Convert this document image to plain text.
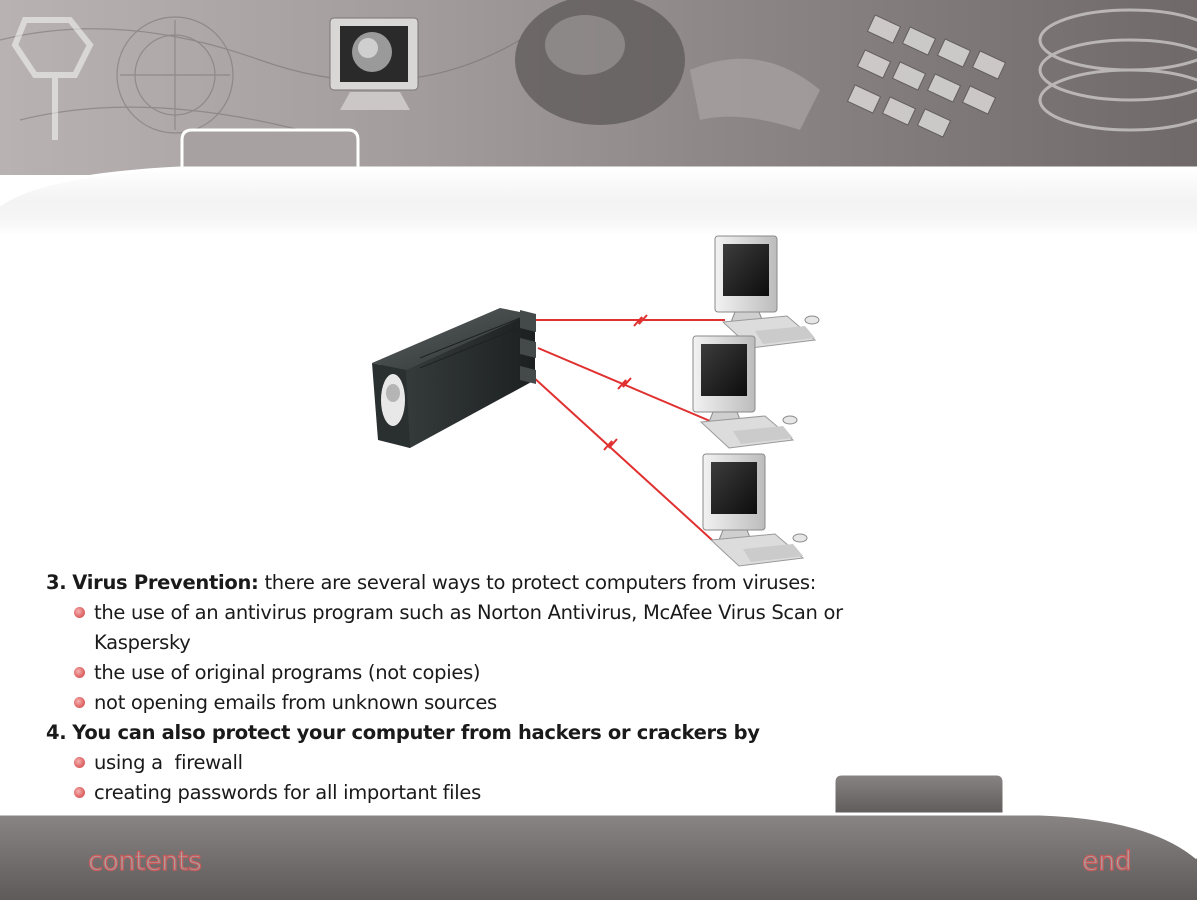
3. Virus Prevention: there are several ways to protect computers from viruses:
the use of an antivirus program such as Norton Antivirus, McAfee Virus Scan or Kaspersky
the use of original programs (not copies)
not opening emails from unknown sources
4. You can also protect your computer from hackers or crackers by
using a  firewall
creating passwords for all important files
contents	end
